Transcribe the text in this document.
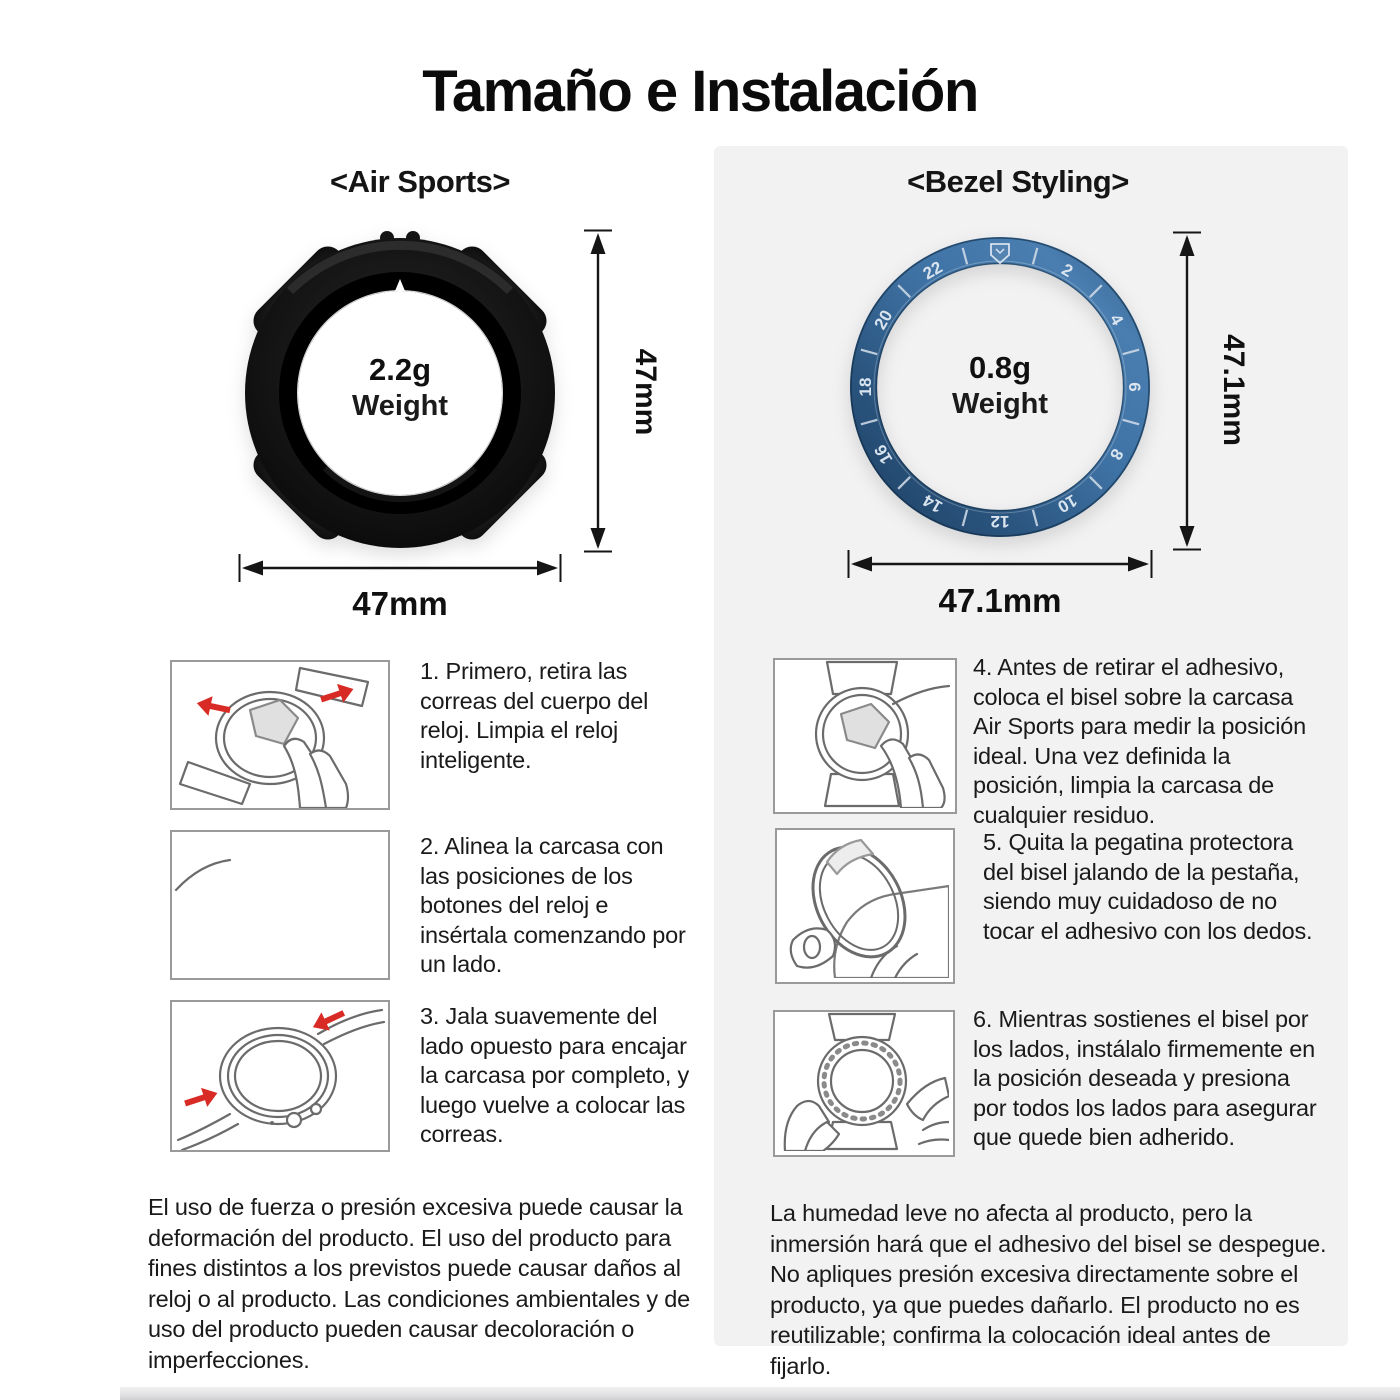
Tamaño e Instalación
<Air Sports>	<Bezel Styling>
2.2g
Weight	47mm
47mm
2
4
6
8
10
12
14
16
18
20
22
0.8g
Weight	47.1mm
47.1mm
1. Primero, retira las correas del cuerpo del reloj. Limpia el reloj inteligente.
2. Alinea la carcasa con las posiciones de los botones del reloj e insértala comenzando por un lado.
3. Jala suavemente del lado opuesto para encajar la carcasa por completo, y luego vuelve a colocar las correas.
4. Antes de retirar el adhesivo, coloca el bisel sobre la carcasa Air Sports para medir la posición ideal. Una vez definida la posición, limpia la carcasa de cualquier residuo.
5. Quita la pegatina protectora del bisel jalando de la pestaña, siendo muy cuidadoso de no tocar el adhesivo con los dedos.
6. Mientras sostienes el bisel por los lados, instálalo firmemente en la posición deseada y presiona por todos los lados para asegurar que quede bien adherido.
El uso de fuerza o presión excesiva puede causar la deformación del producto. El uso del producto para fines distintos a los previstos puede causar daños al reloj o al producto. Las condiciones ambientales y de uso del producto pueden causar decoloración o imperfecciones.
La humedad leve no afecta al producto, pero la inmersión hará que el adhesivo del bisel se despegue. No apliques presión excesiva directamente sobre el producto, ya que puedes dañarlo. El producto no es reutilizable; confirma la colocación ideal antes de fijarlo.
